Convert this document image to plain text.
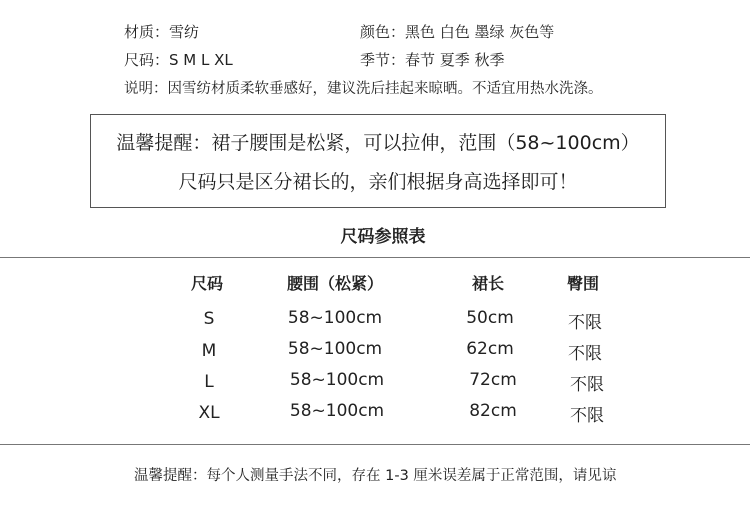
材质：雪纺	颜色：黑色 白色 墨绿 灰色等
尺码：S M L XL	季节：春节 夏季 秋季
说明：因雪纺材质柔软垂感好，建议洗后挂起来晾晒。不适宜用热水洗涤。
温馨提醒：裙子腰围是松紧，可以拉伸，范围（58~100cm）
尺码只是区分裙长的，亲们根据身高选择即可！
尺码参照表
尺码	腰围（松紧）	裙长	臀围
S	58~100cm	50cm	不限
M	58~100cm	62cm	不限
L	58~100cm	72cm	不限
XL	58~100cm	82cm	不限
温馨提醒：每个人测量手法不同，存在 1-3 厘米误差属于正常范围，请见谅
